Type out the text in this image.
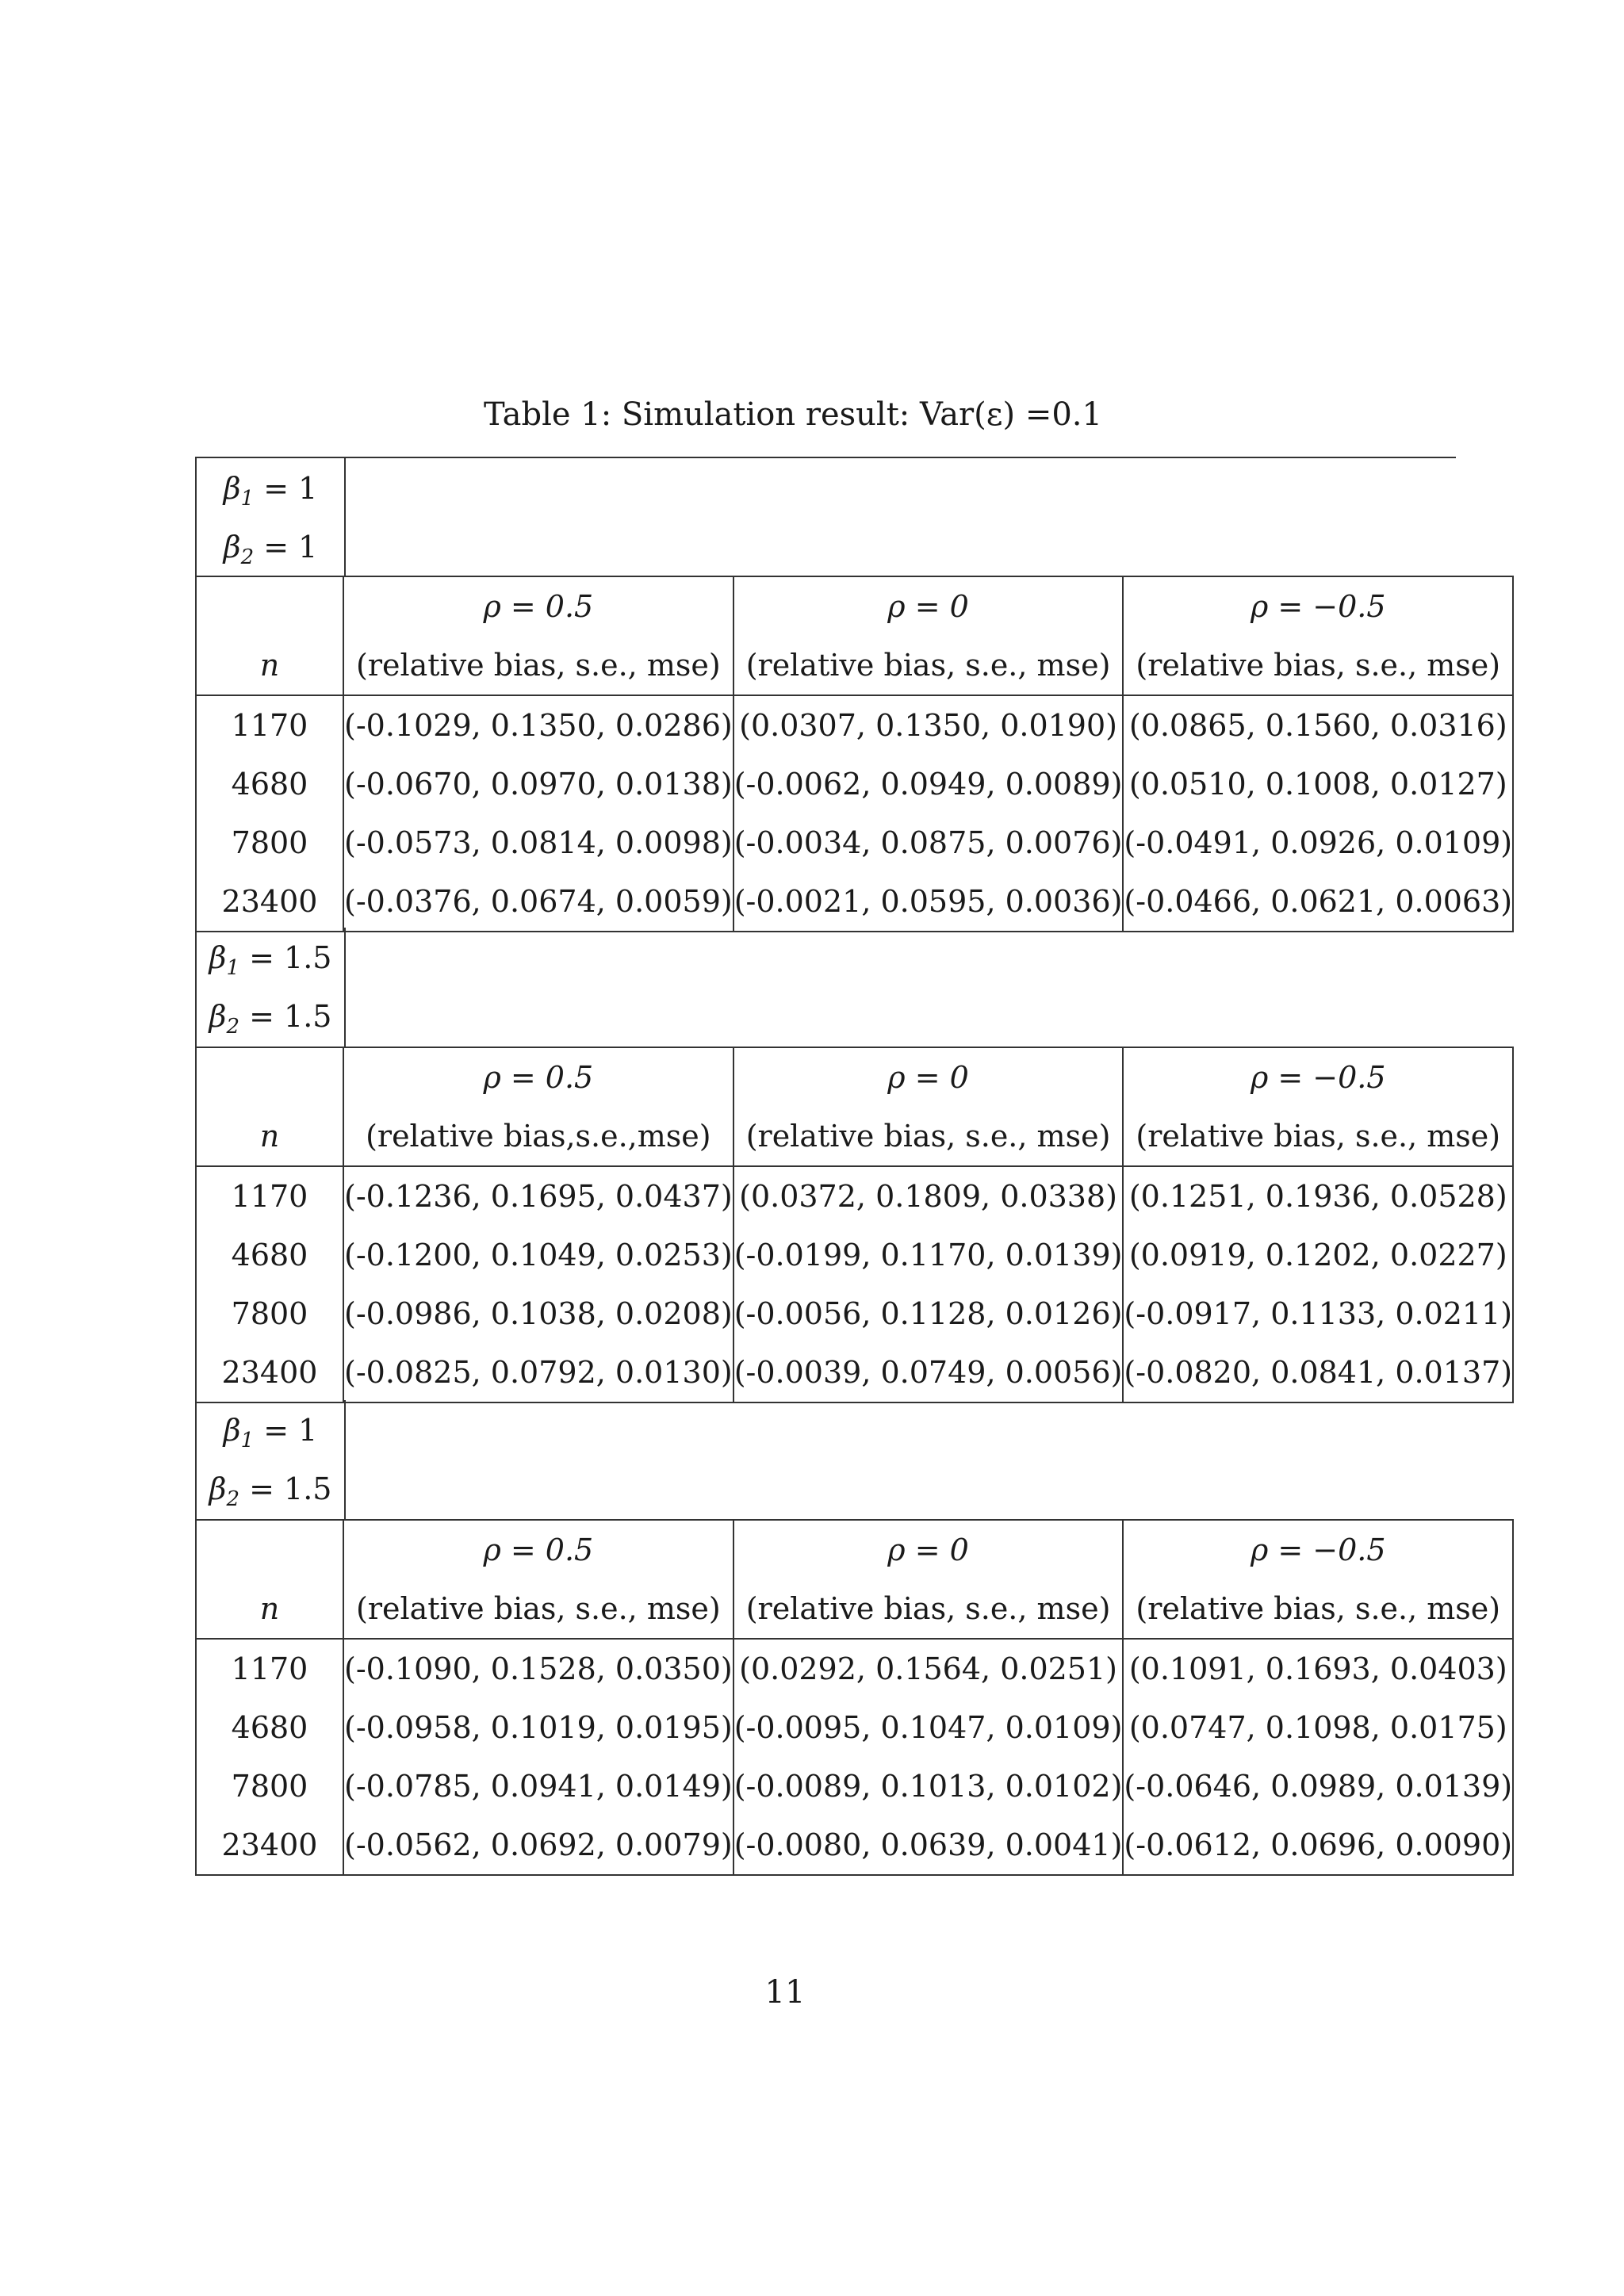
Table 1: Simulation result: Var(ε) =0.1
$\beta_1 = 1$
$\beta_2 = 1$
	ρ = 0.5	ρ = 0	ρ = −0.5
n	(relative bias, s.e., mse)	(relative bias, s.e., mse)	(relative bias, s.e., mse)
1170	(-0.1029, 0.1350, 0.0286)	(0.0307, 0.1350, 0.0190)	(0.0865, 0.1560, 0.0316)
4680	(-0.0670, 0.0970, 0.0138)	(-0.0062, 0.0949, 0.0089)	(0.0510, 0.1008, 0.0127)
7800	(-0.0573, 0.0814, 0.0098)	(-0.0034, 0.0875, 0.0076)	(-0.0491, 0.0926, 0.0109)
23400	(-0.0376, 0.0674, 0.0059)	(-0.0021, 0.0595, 0.0036)	(-0.0466, 0.0621, 0.0063)
$\beta_1 = 1.5$
$\beta_2 = 1.5$
	ρ = 0.5	ρ = 0	ρ = −0.5
n	(relative bias,s.e.,mse)	(relative bias, s.e., mse)	(relative bias, s.e., mse)
1170	(-0.1236, 0.1695, 0.0437)	(0.0372, 0.1809, 0.0338)	(0.1251, 0.1936, 0.0528)
4680	(-0.1200, 0.1049, 0.0253)	(-0.0199, 0.1170, 0.0139)	(0.0919, 0.1202, 0.0227)
7800	(-0.0986, 0.1038, 0.0208)	(-0.0056, 0.1128, 0.0126)	(-0.0917, 0.1133, 0.0211)
23400	(-0.0825, 0.0792, 0.0130)	(-0.0039, 0.0749, 0.0056)	(-0.0820, 0.0841, 0.0137)
$\beta_1 = 1$
$\beta_2 = 1.5$
	ρ = 0.5	ρ = 0	ρ = −0.5
n	(relative bias, s.e., mse)	(relative bias, s.e., mse)	(relative bias, s.e., mse)
1170	(-0.1090, 0.1528, 0.0350)	(0.0292, 0.1564, 0.0251)	(0.1091, 0.1693, 0.0403)
4680	(-0.0958, 0.1019, 0.0195)	(-0.0095, 0.1047, 0.0109)	(0.0747, 0.1098, 0.0175)
7800	(-0.0785, 0.0941, 0.0149)	(-0.0089, 0.1013, 0.0102)	(-0.0646, 0.0989, 0.0139)
23400	(-0.0562, 0.0692, 0.0079)	(-0.0080, 0.0639, 0.0041)	(-0.0612, 0.0696, 0.0090)
11
